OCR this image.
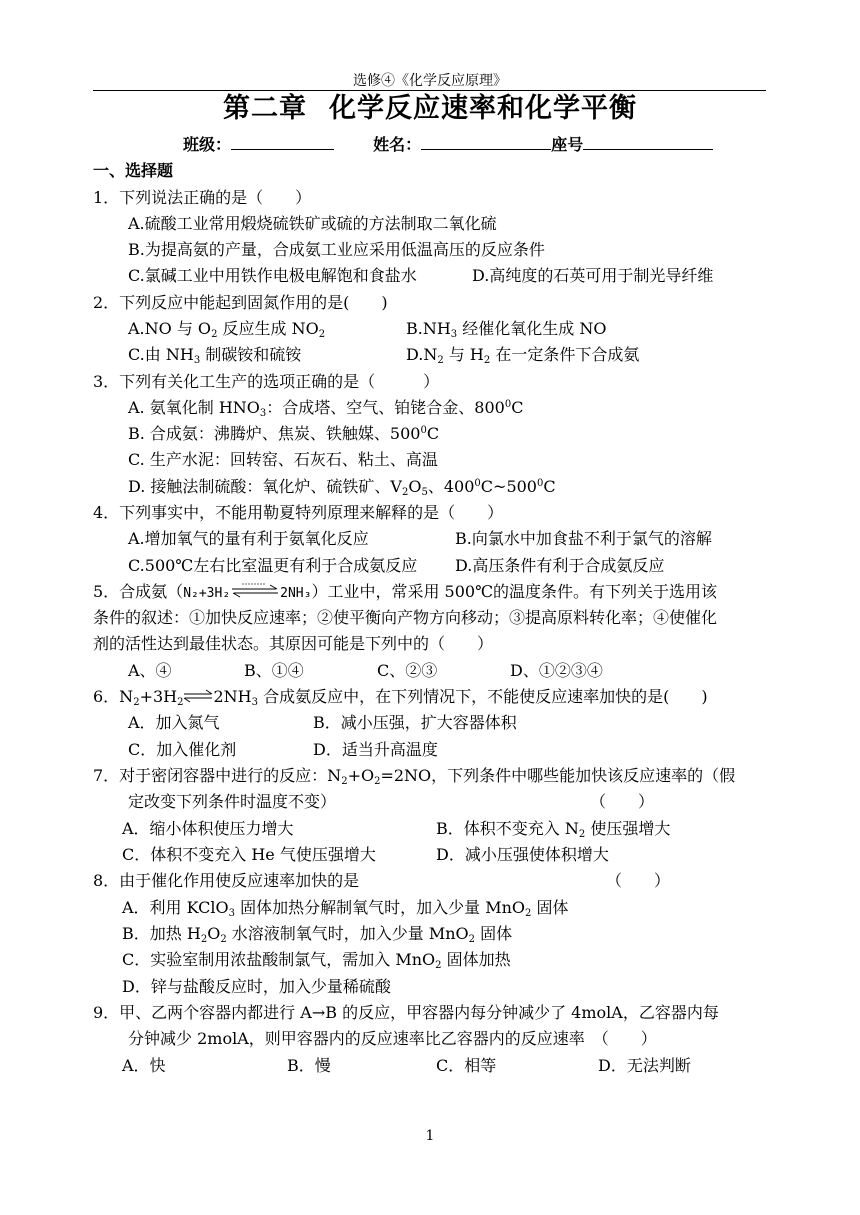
选修④《化学反应原理》
第二章 化学反应速率和化学平衡
班级：	姓名：	座号
一、选择题
1．下列说法正确的是（　　）
A.硫酸工业常用煅烧硫铁矿或硫的方法制取二氧化硫
B.为提高氨的产量，合成氨工业应采用低温高压的反应条件
C.氯碱工业中用铁作电极电解饱和食盐水	D.高纯度的石英可用于制光导纤维
2．下列反应中能起到固氮作用的是(　　)
A.NO 与 $O_2$ 反应生成 $NO_2$	$B.NH_3$ 经催化氧化生成 NO
C.由 $NH_3$ 制碳铵和硫铵	$D.N_2$ 与 $H_2$ 在一定条件下合成氨
3．下列有关化工生产的选项正确的是（　　　）
A. 氨氧化制 $HNO_3$：合成塔、空气、铂铑合金、$800^0C$
B. 合成氨：沸腾炉、焦炭、铁触媒、$500^0C$
C. 生产水泥：回转窑、石灰石、粘土、高温
D. 接触法制硫酸：氧化炉、硫铁矿、$V_2O_5$、$400^0C\sim 500^0C$
4．下列事实中，不能用勒夏特列原理来解释的是（　　）
A.增加氧气的量有利于氨氧化反应	B.向氯水中加食盐不利于氯气的溶解
C.500℃左右比室温更有利于合成氨反应 D.高压条件有利于合成氨反应
5．合成氨（N₂+3H₂	2NH₃）工业中，常采用 500℃的温度条件。有下列关于选用该
条件的叙述：①加快反应速率；②使平衡向产物方向移动；③提高原料转化率；④使催化
剂的活性达到最佳状态。其原因可能是下列中的（　　）
A、④	B、①④	C、②③	D、①②③④
6．$N_2+3H_2\rightleftharpoons 2NH_3$ 合成氨反应中，在下列情况下，不能使反应速率加快的是(　　)
A．加入氮气	B．减小压强，扩大容器体积
C．加入催化剂	D．适当升高温度
7．对于密闭容器中进行的反应：$N_2+O_2=2NO$，下列条件中哪些能加快该反应速率的（假
定改变下列条件时温度不变）	（　　）
A．缩小体积使压力增大	B．体积不变充入 $N_2$ 使压强增大
C．体积不变充入 He 气使压强增大	D．减小压强使体积增大
8．由于催化作用使反应速率加快的是	（　　）
A．利用 KClO$_3$ 固体加热分解制氧气时，加入少量 MnO$_2$ 固体
B．加热 $H_2O_2$ 水溶液制氧气时，加入少量 MnO$_2$ 固体
C．实验室制用浓盐酸制氯气，需加入 MnO$_2$ 固体加热
D．锌与盐酸反应时，加入少量稀硫酸
9．甲、乙两个容器内都进行 A→B 的反应，甲容器内每分钟减少了 4molA，乙容器内每
分钟减少 2molA，则甲容器内的反应速率比乙容器内的反应速率　（　　）
A．快	B．慢	C．相等	D．无法判断
1
